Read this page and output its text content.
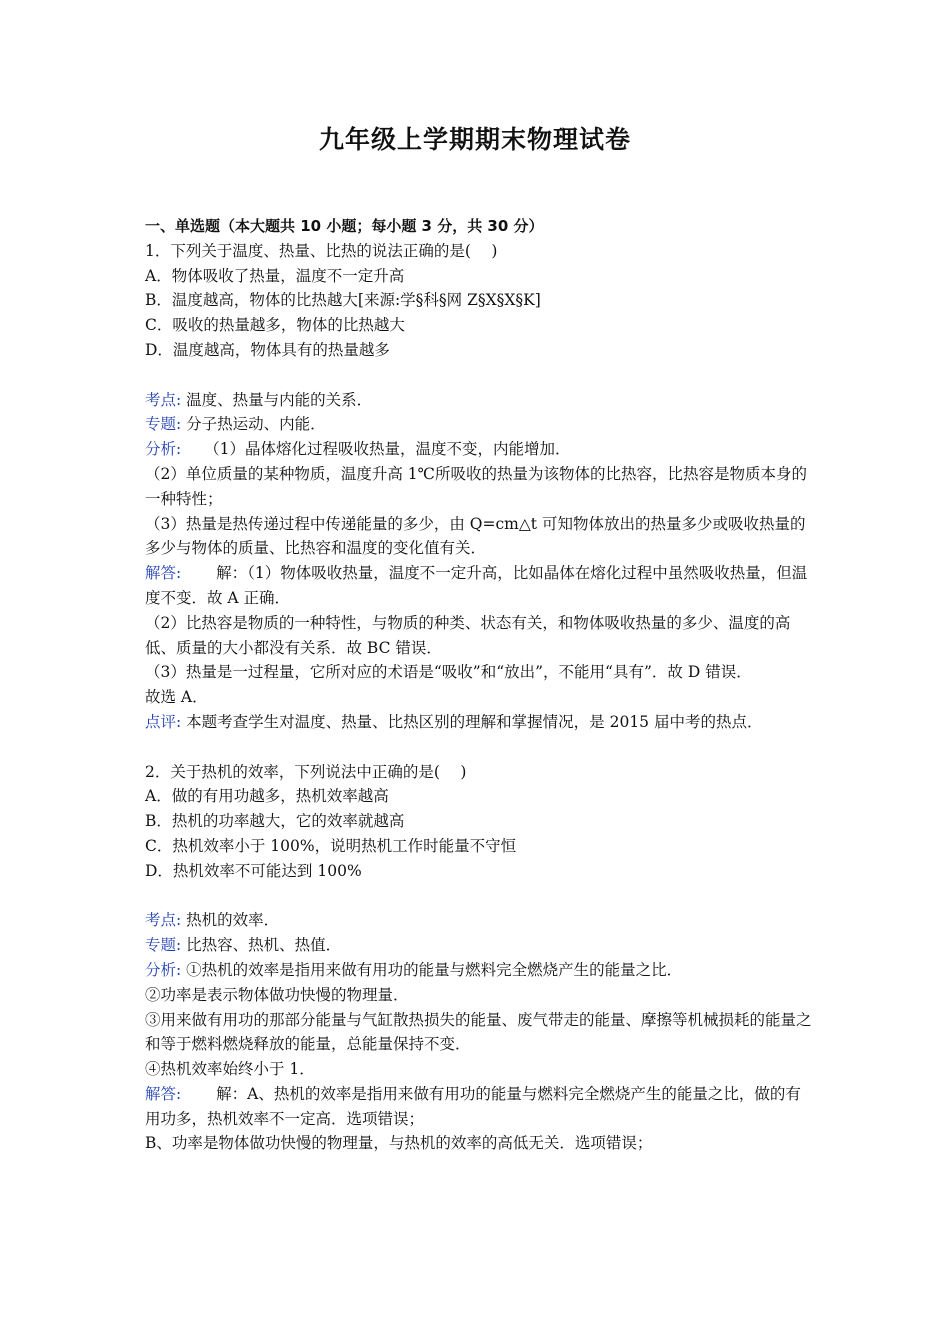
九年级上学期期末物理试卷
一、单选题（本大题共 10 小题；每小题 3 分，共 30 分）
1．下列关于温度、热量、比热的说法正确的是(　 )
A．物体吸收了热量，温度不一定升高
B．温度越高，物体的比热越大[来源:学§科§网 Z§X§X§K]
C．吸收的热量越多，物体的比热越大
D．温度越高，物体具有的热量越多
考点: 温度、热量与内能的关系．
专题: 分子热运动、内能．
分析: （1）晶体熔化过程吸收热量，温度不变，内能增加．
（2）单位质量的某种物质，温度升高 1℃所吸收的热量为该物体的比热容，比热容是物质本身的一种特性；
（3）热量是热传递过程中传递能量的多少，由 Q=cm△t 可知物体放出的热量多少或吸收热量的多少与物体的质量、比热容和温度的变化值有关．
解答: 解：（1）物体吸收热量，温度不一定升高，比如晶体在熔化过程中虽然吸收热量，但温度不变．故 A 正确．
（2）比热容是物质的一种特性，与物质的种类、状态有关，和物体吸收热量的多少、温度的高低、质量的大小都没有关系．故 BC 错误．
（3）热量是一过程量，它所对应的术语是“吸收”和“放出”，不能用“具有”．故 D 错误．
故选 A．
点评: 本题考查学生对温度、热量、比热区别的理解和掌握情况，是 2015 届中考的热点．
2．关于热机的效率，下列说法中正确的是(　 )
A．做的有用功越多，热机效率越高
B．热机的功率越大，它的效率就越高
C．热机效率小于 100%，说明热机工作时能量不守恒
D．热机效率不可能达到 100%
考点: 热机的效率．
专题: 比热容、热机、热值．
分析: ①热机的效率是指用来做有用功的能量与燃料完全燃烧产生的能量之比．
②功率是表示物体做功快慢的物理量．
③用来做有用功的那部分能量与气缸散热损失的能量、废气带走的能量、摩擦等机械损耗的能量之和等于燃料燃烧释放的能量，总能量保持不变．
④热机效率始终小于 1．
解答: 解：A、热机的效率是指用来做有用功的能量与燃料完全燃烧产生的能量之比，做的有用功多，热机效率不一定高．选项错误；
B、功率是物体做功快慢的物理量，与热机的效率的高低无关．选项错误；
